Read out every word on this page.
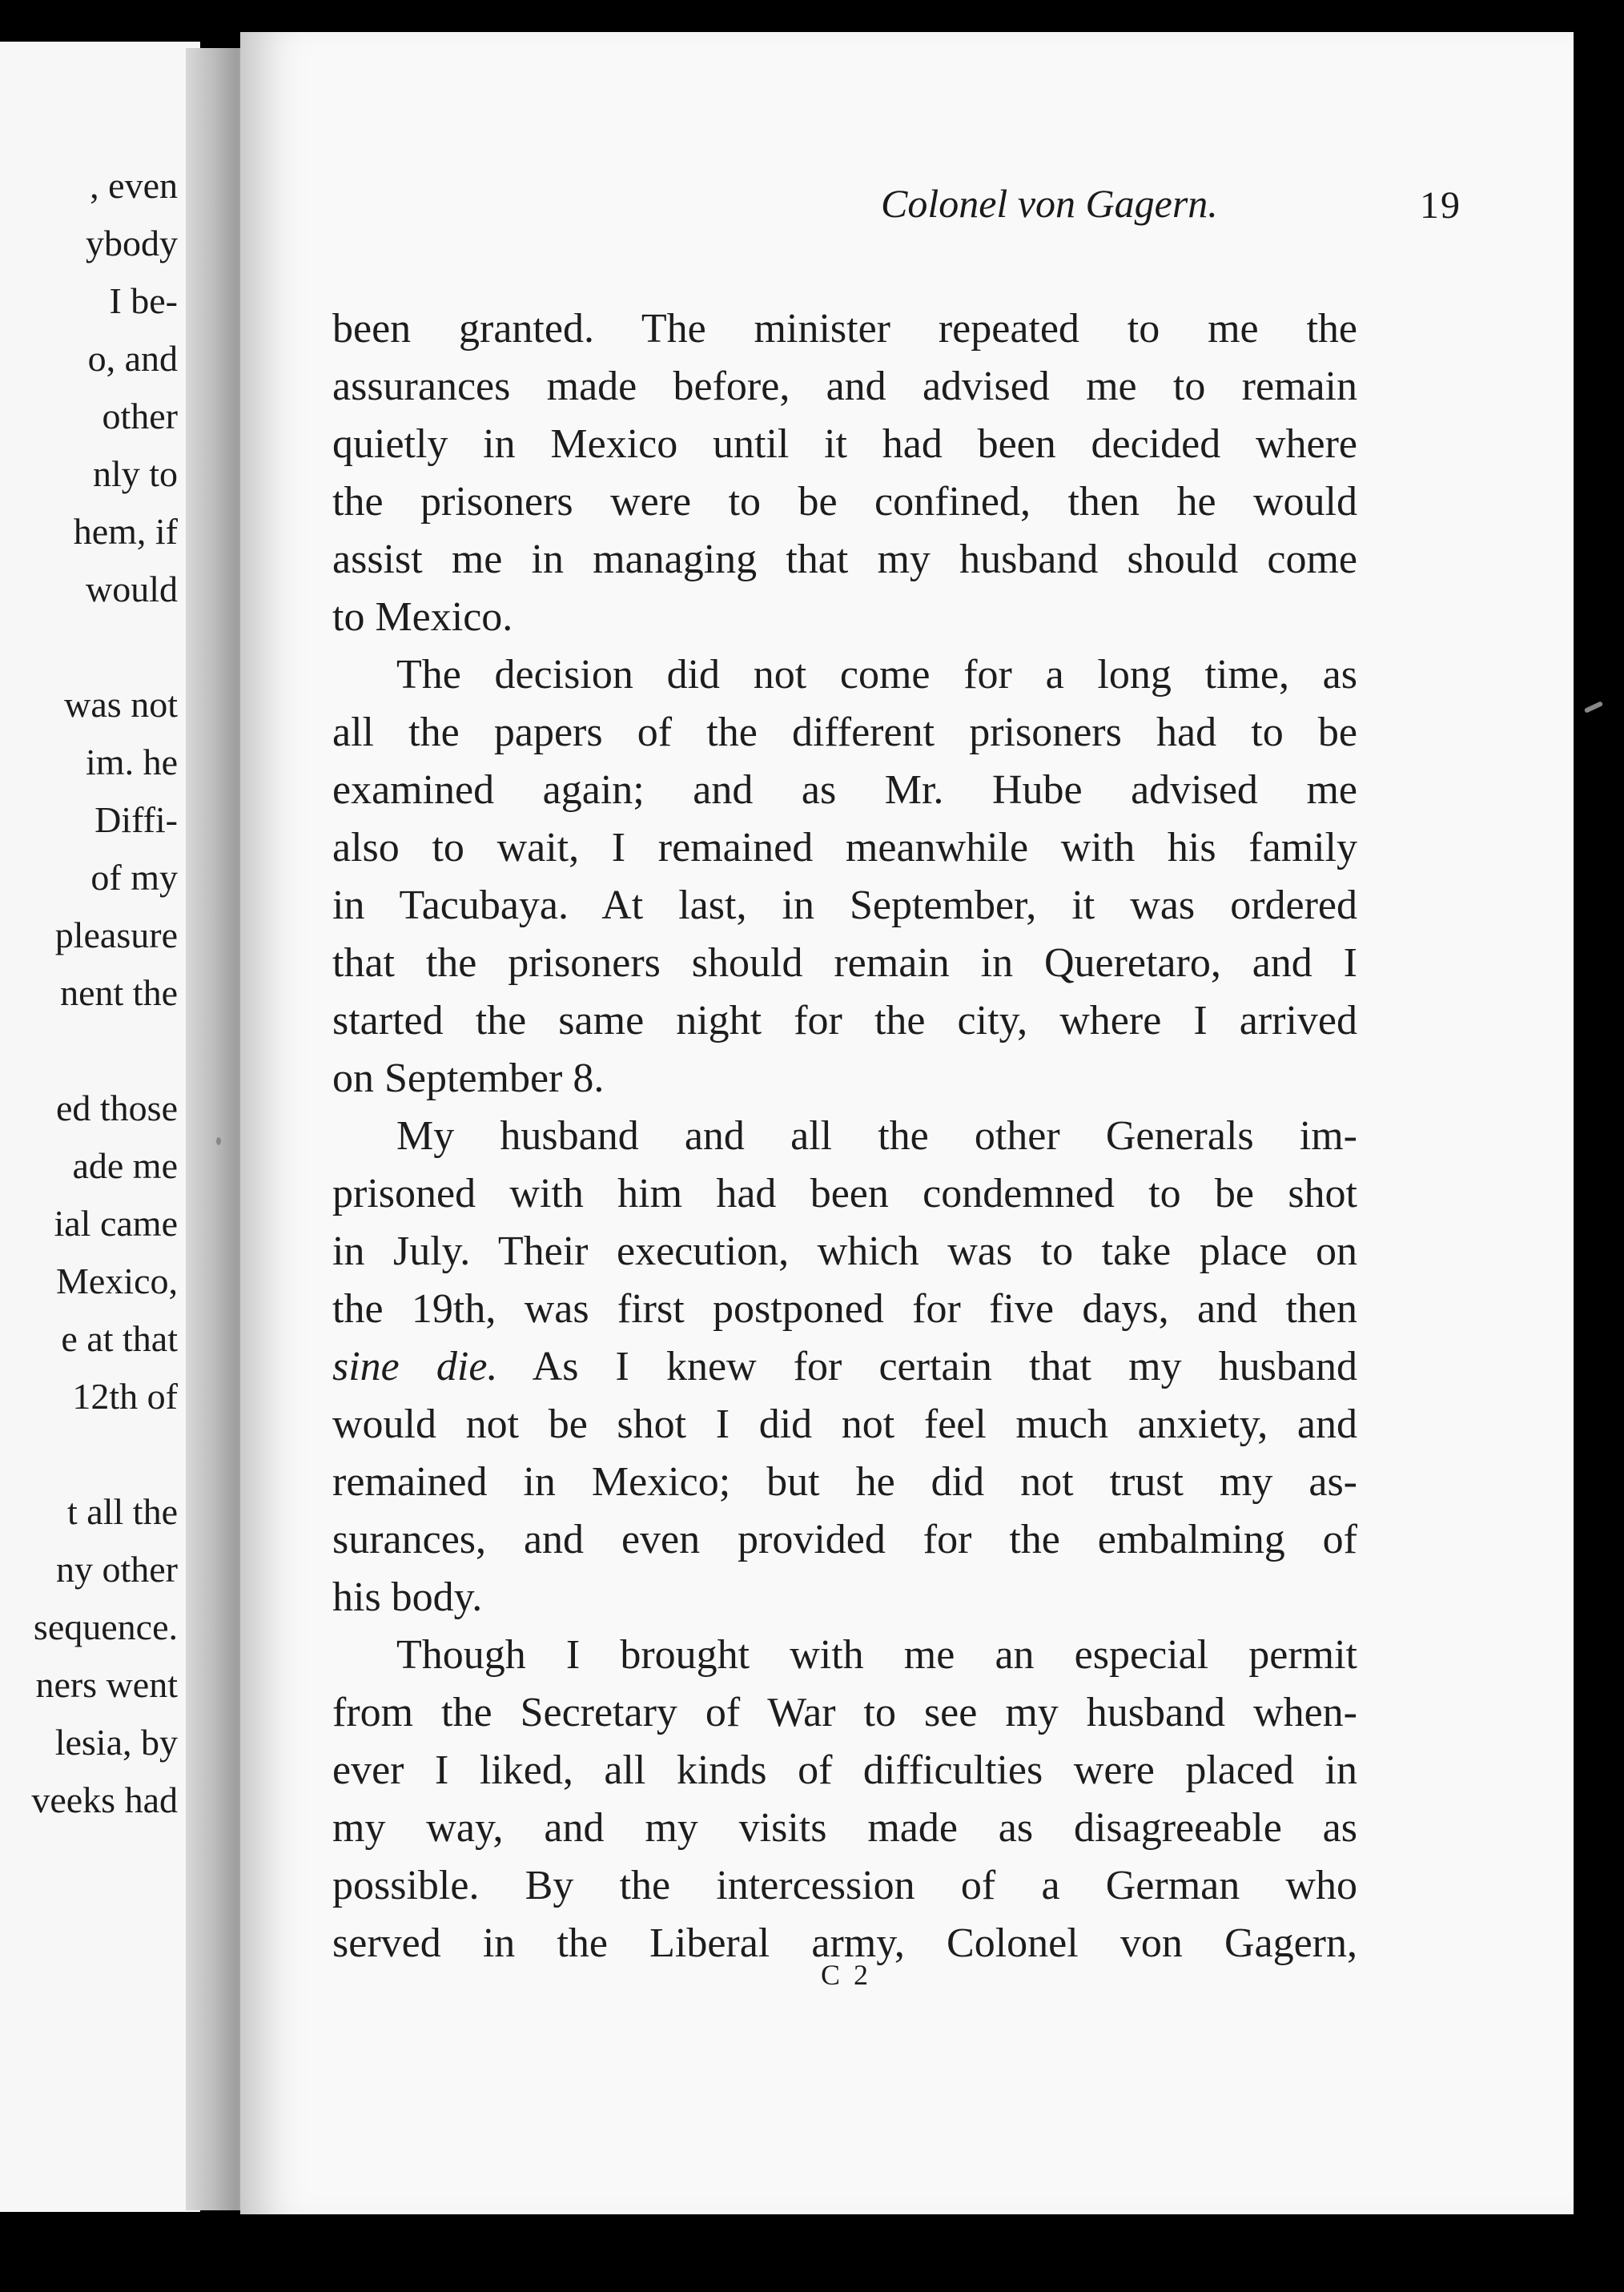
, even
ybody
I be-
o, and
other
nly to
hem, if
would
was not
im. he
Diffi-
of my
pleasure
nent the
ed those
ade me
ial came
Mexico,
e at that
12th of
t all the
ny other
sequence.
ners went
lesia, by
veeks had
Colonel von Gagern.	19
been granted. The minister repeated to me the
assurances made before, and advised me to remain
quietly in Mexico until it had been decided where
the prisoners were to be confined, then he would
assist me in managing that my husband should come
to Mexico.
The decision did not come for a long time, as
all the papers of the different prisoners had to be
examined again; and as Mr. Hube advised me
also to wait, I remained meanwhile with his family
in Tacubaya. At last, in September, it was ordered
that the prisoners should remain in Queretaro, and I
started the same night for the city, where I arrived
on September 8.
My husband and all the other Generals im-
prisoned with him had been condemned to be shot
in July. Their execution, which was to take place on
the 19th, was first postponed for five days, and then
sine die. As I knew for certain that my husband
would not be shot I did not feel much anxiety, and
remained in Mexico; but he did not trust my as-
surances, and even provided for the embalming of
his body.
Though I brought with me an especial permit
from the Secretary of War to see my husband when-
ever I liked, all kinds of difficulties were placed in
my way, and my visits made as disagreeable as
possible. By the intercession of a German who
served in the Liberal army, Colonel von Gagern,
C 2
